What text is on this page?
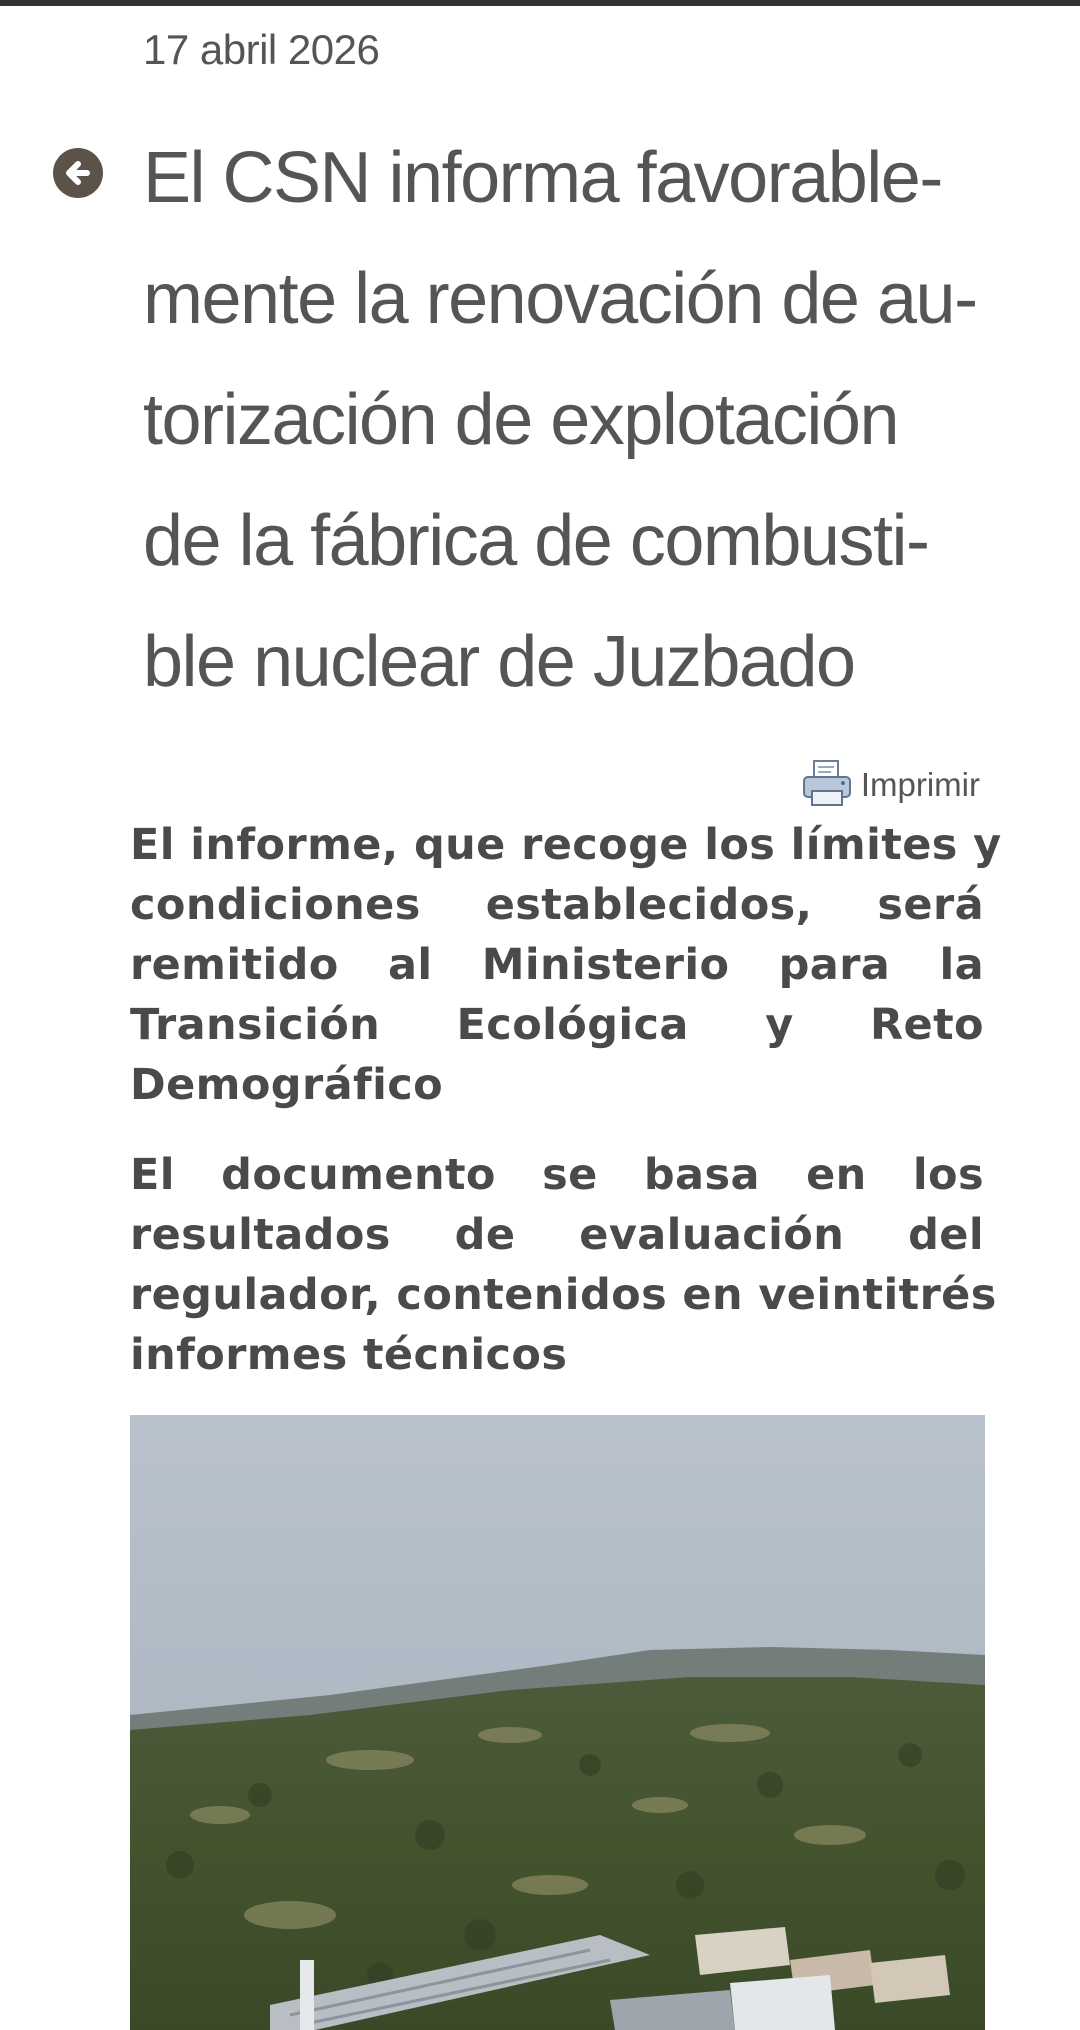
17 abril 2026
El CSN informa favorable-
mente la renovación de au-
torización de explotación
de la fábrica de combusti-
ble nuclear de Juzbado
Imprimir
El informe, que recoge los límites y
condiciones establecidos, será
remitido al Ministerio para la
Transición Ecológica y Reto
Demográfico
El documento se basa en los
resultados de evaluación del
regulador, contenidos en veintitrés
informes técnicos
